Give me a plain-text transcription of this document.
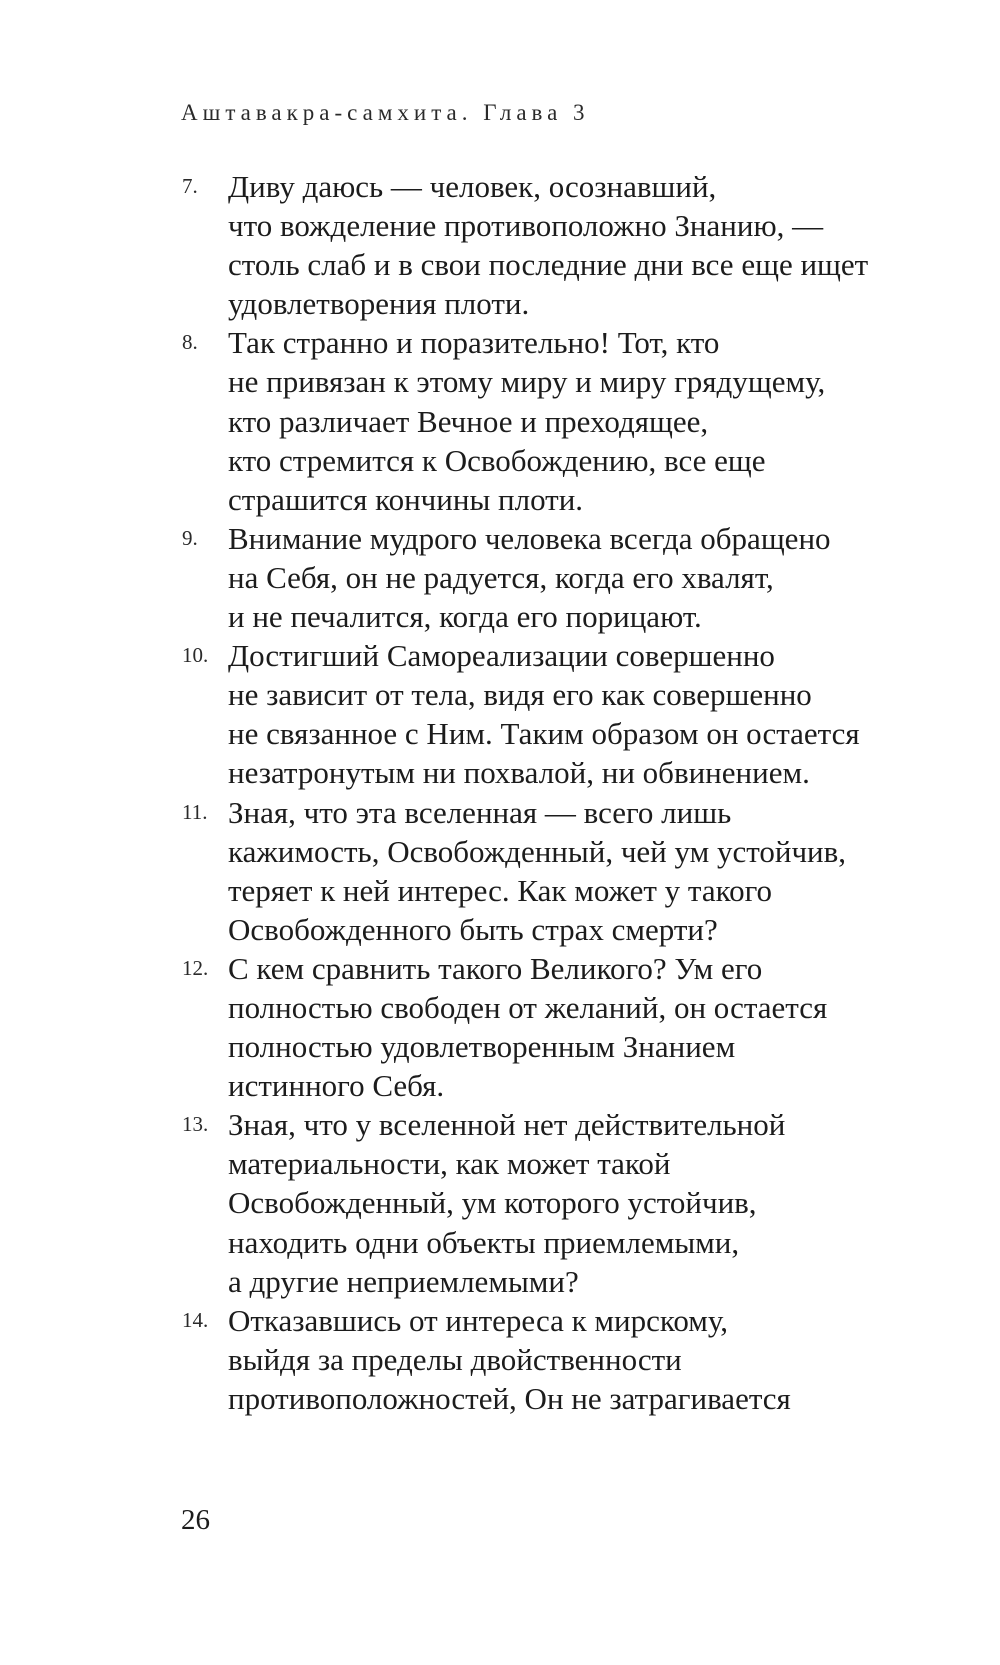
Аштавакра-самхита. Глава 3
7. Диву даюсь — человек, осознавший,
что вожделение противоположно Знанию, —
столь слаб и в свои последние дни все еще ищет
удовлетворения плоти.
8. Так странно и поразительно! Тот, кто
не привязан к этому миру и миру грядущему,
кто различает Вечное и преходящее,
кто стремится к Освобождению, все еще
страшится кончины плоти.
9. Внимание мудрого человека всегда обращено
на Себя, он не радуется, когда его хвалят,
и не печалится, когда его порицают.
10. Достигший Самореализации совершенно
не зависит от тела, видя его как совершенно
не связанное с Ним. Таким образом он остается
незатронутым ни похвалой, ни обвинением.
11. Зная, что эта вселенная — всего лишь
кажимость, Освобожденный, чей ум устойчив,
теряет к ней интерес. Как может у такого
Освобожденного быть страх смерти?
12. С кем сравнить такого Великого? Ум его
полностью свободен от желаний, он остается
полностью удовлетворенным Знанием
истинного Себя.
13. Зная, что у вселенной нет действительной
материальности, как может такой
Освобожденный, ум которого устойчив,
находить одни объекты приемлемыми,
а другие неприемлемыми?
14. Отказавшись от интереса к мирскому,
выйдя за пределы двойственности
противоположностей, Он не затрагивается
26
